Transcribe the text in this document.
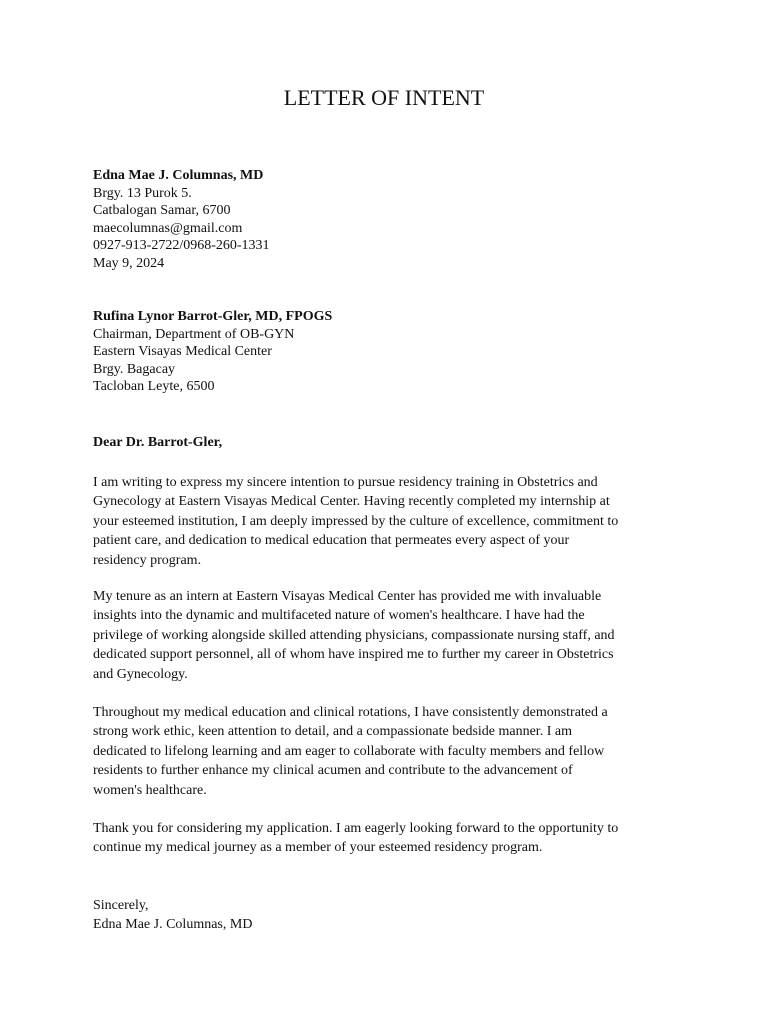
LETTER OF INTENT
Edna Mae J. Columnas, MD
Brgy. 13 Purok 5.
Catbalogan Samar, 6700
maecolumnas@gmail.com
0927-913-2722/0968-260-1331
May 9, 2024
Rufina Lynor Barrot-Gler, MD, FPOGS
Chairman, Department of OB-GYN
Eastern Visayas Medical Center
Brgy. Bagacay
Tacloban Leyte, 6500
Dear Dr. Barrot-Gler,
I am writing to express my sincere intention to pursue residency training in Obstetrics and
Gynecology at Eastern Visayas Medical Center. Having recently completed my internship at
your esteemed institution, I am deeply impressed by the culture of excellence, commitment to
patient care, and dedication to medical education that permeates every aspect of your
residency program.
My tenure as an intern at Eastern Visayas Medical Center has provided me with invaluable
insights into the dynamic and multifaceted nature of women's healthcare. I have had the
privilege of working alongside skilled attending physicians, compassionate nursing staff, and
dedicated support personnel, all of whom have inspired me to further my career in Obstetrics
and Gynecology.
Throughout my medical education and clinical rotations, I have consistently demonstrated a
strong work ethic, keen attention to detail, and a compassionate bedside manner. I am
dedicated to lifelong learning and am eager to collaborate with faculty members and fellow
residents to further enhance my clinical acumen and contribute to the advancement of
women's healthcare.
Thank you for considering my application. I am eagerly looking forward to the opportunity to
continue my medical journey as a member of your esteemed residency program.
Sincerely,
Edna Mae J. Columnas, MD
